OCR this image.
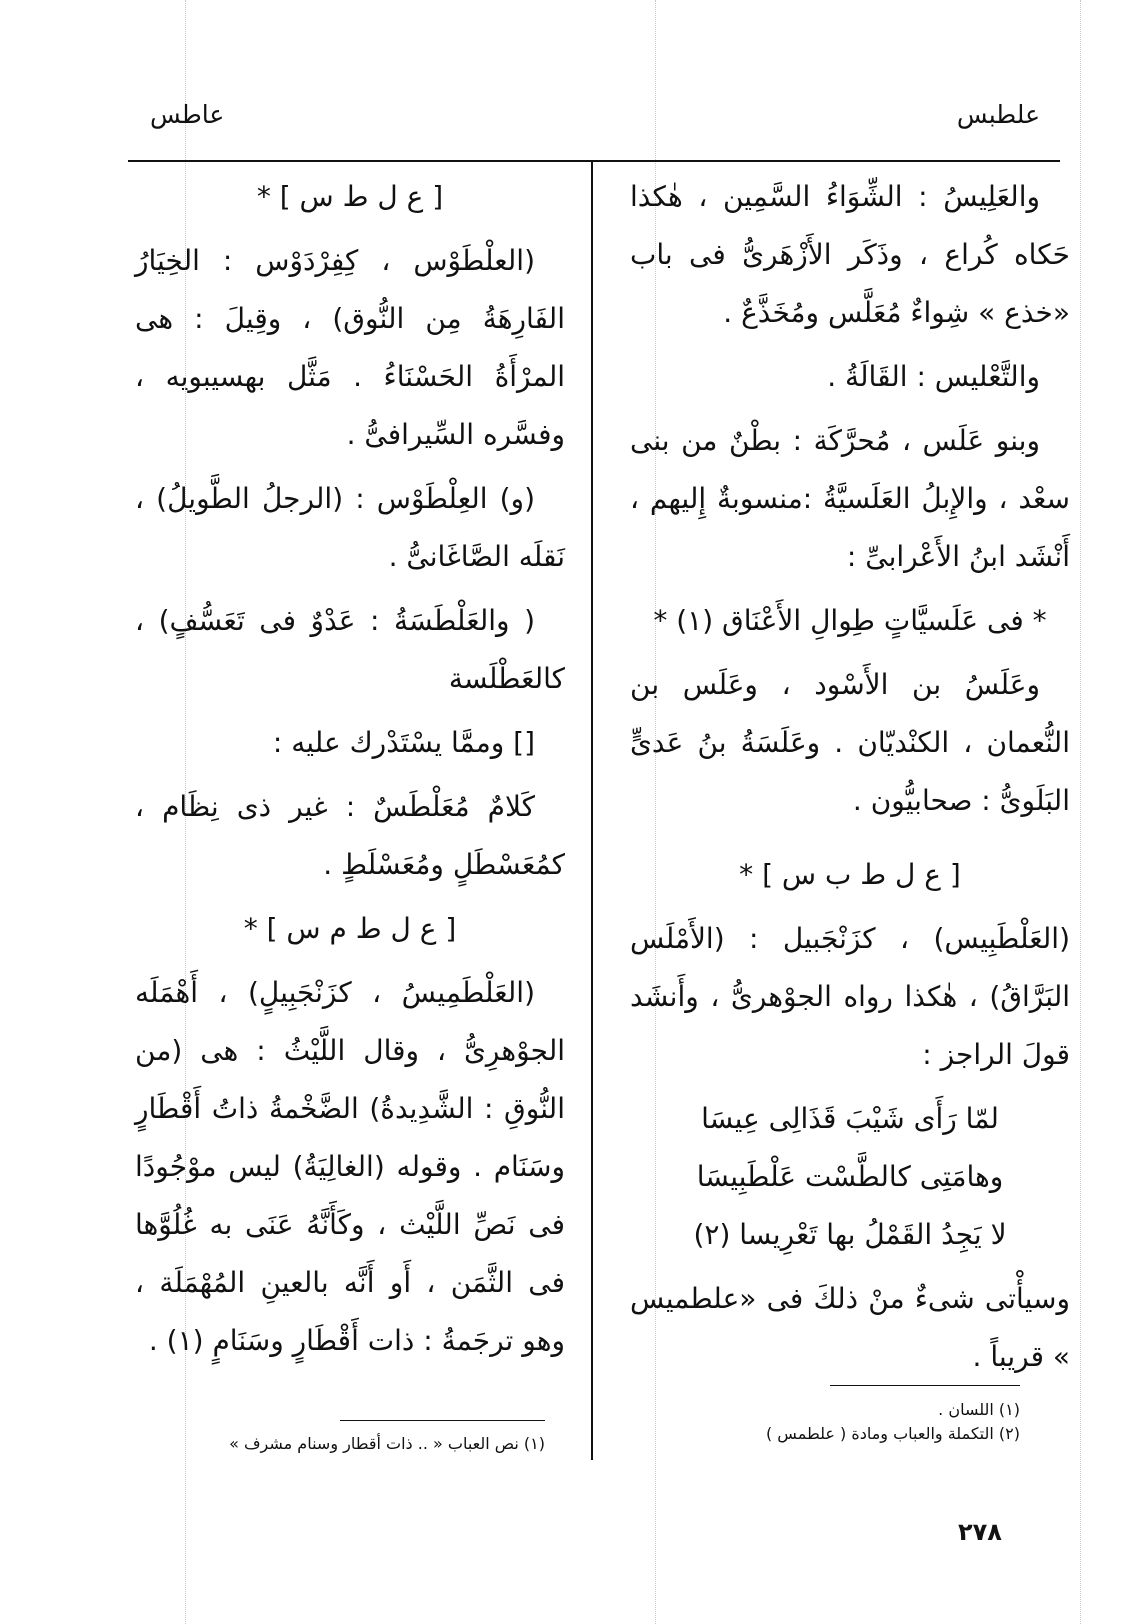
علطبس
عاطس

والعَلِيسُ : الشِّوَاءُ السَّمِين ، هٰكذا حَكاه كُراع ، وذَكَر الأَزْهَرىُّ فى باب «خذع » شِواءٌ مُعَلَّس ومُخَذَّعٌ .

والتَّعْليس : القَالَةُ .

وبنو عَلَس ، مُحرَّكَة : بطْنٌ من بنى سعْد ، والإِبلُ العَلَسيَّةُ :منسوبةٌ إِليهم ، أَنْشَد ابنُ الأَعْرابىِّ :

* فى عَلَسيَّاتٍ طِوالِ الأَعْنَاق (١) *

وعَلَسُ بن الأَسْود ، وعَلَس بن النُّعمان ، الكنْديّان . وعَلَسَةُ بنُ عَدىٍّ البَلَوىُّ : صحابيُّون .

[ ع ل ط ب س ] *

(العَلْطَبِيس) ، كزَنْجَبيل : (الأَمْلَس البَرَّاقُ) ، هٰكذا رواه الجوْهرىُّ ، وأَنشَد قولَ الراجز :

لمّا رَأَى شَيْبَ قَذَالِى عِيسَا

وهامَتِى كالطَّسْت عَلْطَبِيسَا

لا يَجِدُ القَمْلُ بها تَعْرِيسا (٢)

وسيأْتى شىءٌ منْ ذلكَ فى «علطميس » قريباً .

[ ع ل ط س ] *

(العلْطَوْس ، كِفِرْدَوْس : الخِيَارُ الفَارِهَةُ مِن النُّوق) ، وقِيلَ : هى المرْأَةُ الحَسْنَاءُ . مَثَّل بهسيبويه ، وفسَّره السِّيرافىُّ .

(و) العِلْطَوْس : (الرجلُ الطَّويلُ) ، نَقلَه الصَّاغَانىُّ .

( والعَلْطَسَةُ : عَدْوٌ فى تَعَسُّفٍ) ، كالعَطْلَسة

[] وممَّا يسْتَدْرك عليه :

كَلامٌ مُعَلْطَسٌ : غير ذى نِظَام ، كمُعَسْطَلٍ ومُعَسْلَطٍ .

[ ع ل ط م س ] *

(العَلْطَمِيسُ ، كزَنْجَبِيلٍ) ، أَهْمَلَه الجوْهرِىُّ ، وقال اللَّيْثُ : هى (من النُّوقِ : الشَّدِيدةُ) الضَّخْمةُ ذاتُ أَقْطَارٍ وسَنَام . وقوله (الغالِيَةُ) ليس موْجُودًا فى نَصِّ اللَّيْث ، وكَأَنَّهُ عَنَى به غُلُوَّها فى الثَّمَن ، أَو أَنَّه بالعينِ المُهْمَلَة ، وهو ترجَمةُ : ذات أَقْطَارٍ وسَنَامٍ (١) .

(١) اللسان .
(٢) التكملة والعباب ومادة ( علطمس )
(١) نص العباب « .. ذات أقطار وسنام مشرف »
٢٧٨
